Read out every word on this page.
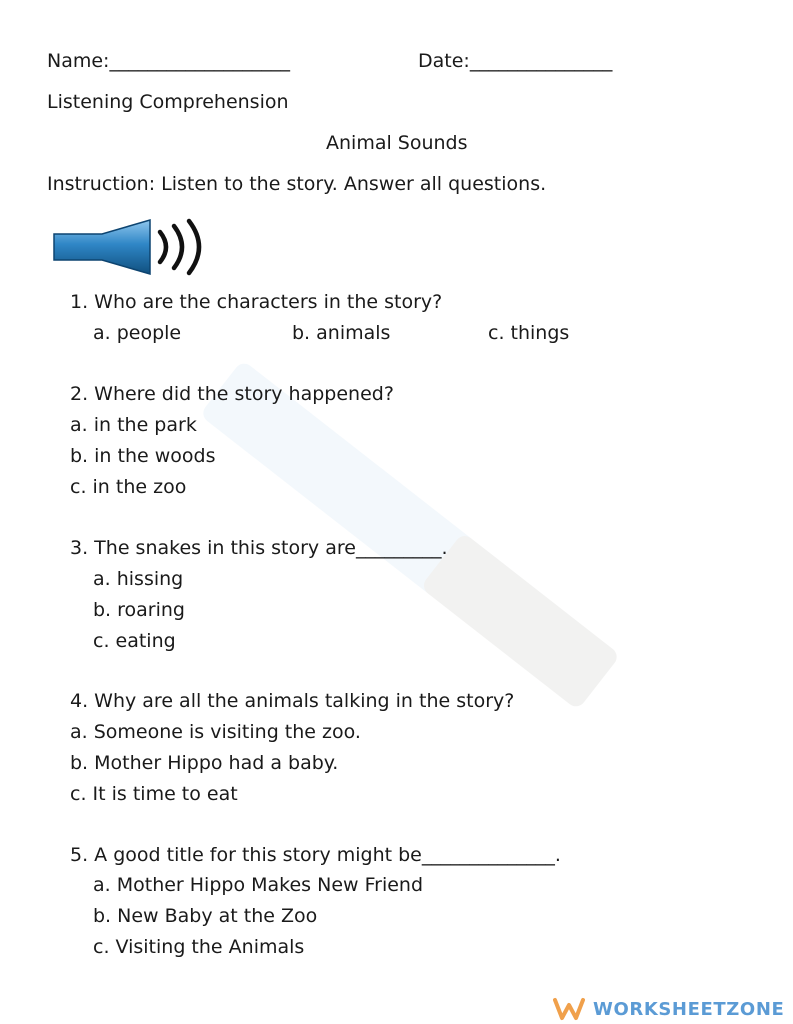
Name:___________________	Date:_______________
Listening Comprehension
Animal Sounds
Instruction: Listen to the story. Answer all questions.
1. Who are the characters in the story?
a. people	b. animals	c. things
2. Where did the story happened?
a. in the park
b. in the woods
c. in the zoo
3. The snakes in this story are_________.
a. hissing
b. roaring
c. eating
4. Why are all the animals talking in the story?
a. Someone is visiting the zoo.
b. Mother Hippo had a baby.
c. It is time to eat
5. A good title for this story might be______________.
a. Mother Hippo Makes New Friend
b. New Baby at the Zoo
c. Visiting the Animals
WORKSHEETZONE
